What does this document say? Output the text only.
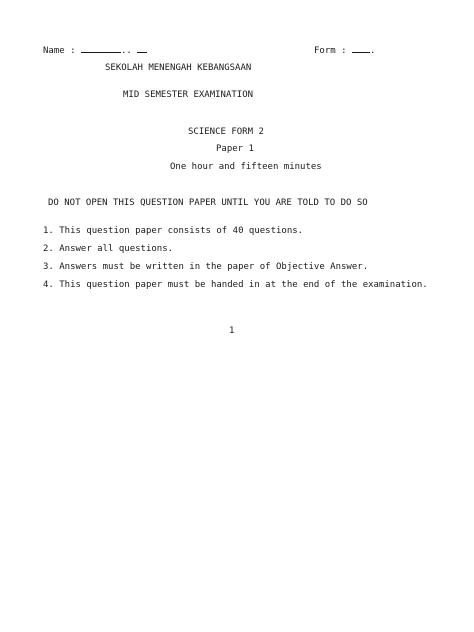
Name :	..	Form :	.
SEKOLAH MENENGAH KEBANGSAAN
MID SEMESTER EXAMINATION
SCIENCE FORM 2
Paper 1
One hour and fifteen minutes
DO NOT OPEN THIS QUESTION PAPER UNTIL YOU ARE TOLD TO DO SO
1. This question paper consists of 40 questions.
2. Answer all questions.
3. Answers must be written in the paper of Objective Answer.
4. This question paper must be handed in at the end of the examination.
1
